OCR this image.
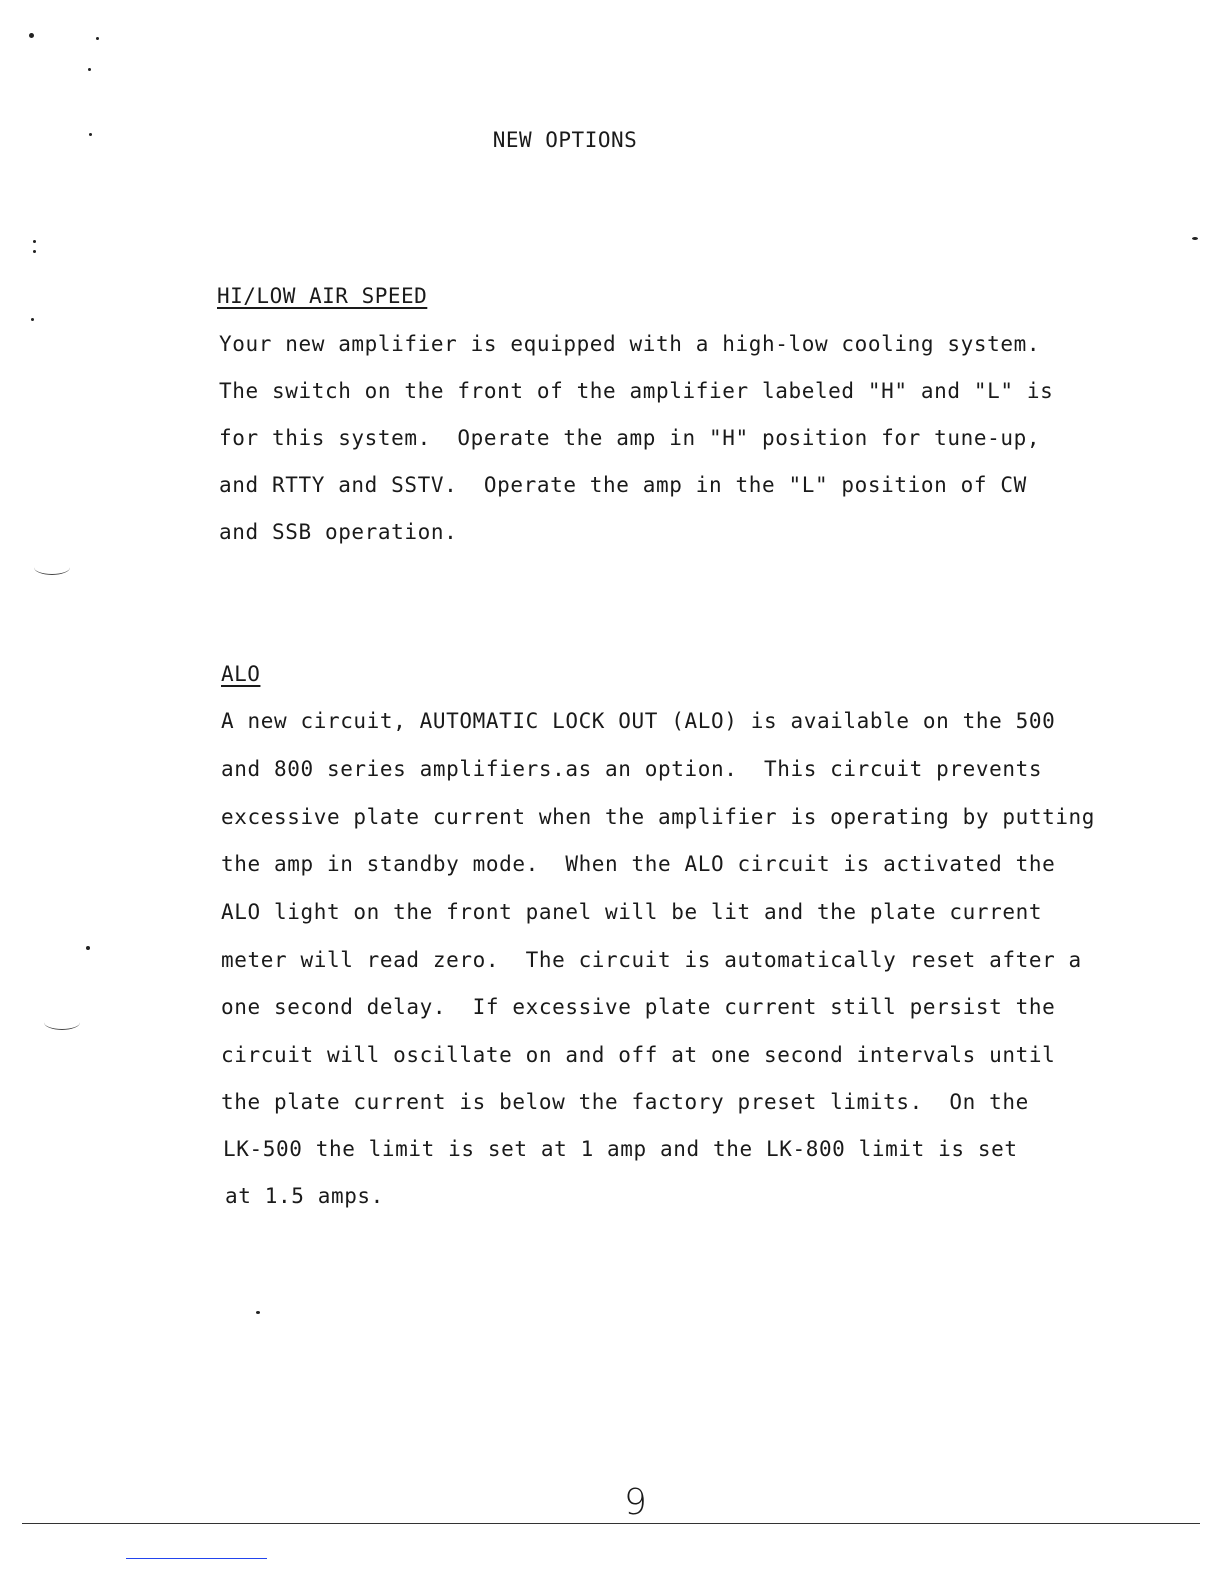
NEW OPTIONS
HI/LOW AIR SPEED
Your new amplifier is equipped with a high-low cooling system.
The switch on the front of the amplifier labeled "H" and "L" is
for this system.  Operate the amp in "H" position for tune-up,
and RTTY and SSTV.  Operate the amp in the "L" position of CW
and SSB operation.
ALO
A new circuit, AUTOMATIC LOCK OUT (ALO) is available on the 500
and 800 series amplifiers.as an option.  This circuit prevents
excessive plate current when the amplifier is operating by putting
the amp in standby mode.  When the ALO circuit is activated the
ALO light on the front panel will be lit and the plate current
meter will read zero.  The circuit is automatically reset after a
one second delay.  If excessive plate current still persist the
circuit will oscillate on and off at one second intervals until
the plate current is below the factory preset limits.  On the
LK-500 the limit is set at 1 amp and the LK-800 limit is set
at 1.5 amps.
9
